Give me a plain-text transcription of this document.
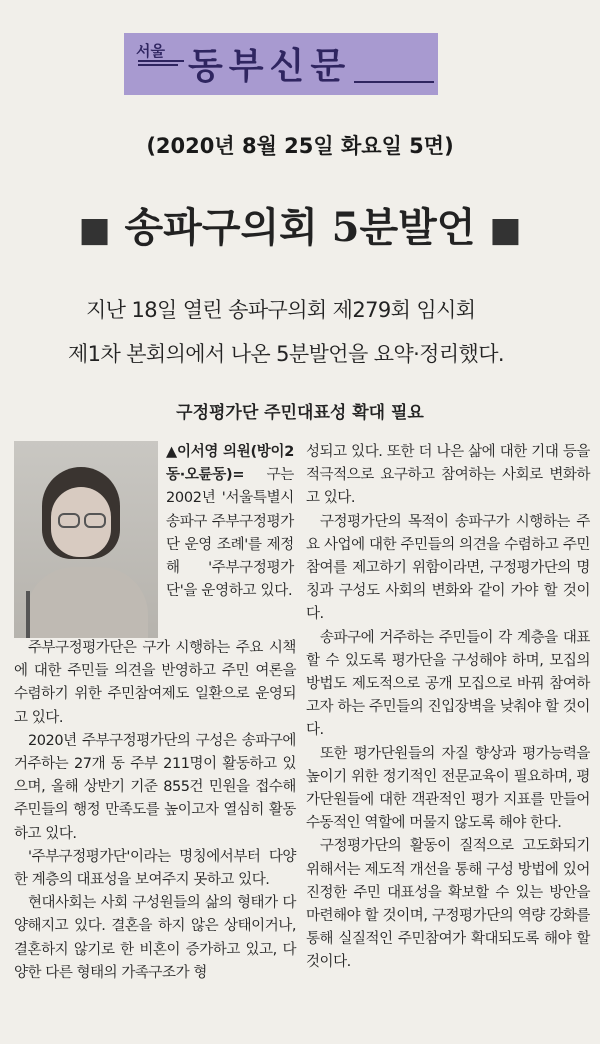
서울 동부신문
(2020년 8월 25일 화요일 5면)
■ 송파구의회 5분발언 ■
지난 18일 열린 송파구의회 제279회 임시회
제1차 본회의에서 나온 5분발언을 요약·정리했다.
구정평가단 주민대표성 확대 필요
▲이서영 의원(방이2동·오륜동)= 구는 2002년 '서울특별시 송파구 주부구정평가단 운영 조례'를 제정해 '주부구정평가단'을 운영하고 있다.

주부구정평가단은 구가 시행하는 주요 시책에 대한 주민들 의견을 반영하고 주민 여론을 수렴하기 위한 주민참여제도 일환으로 운영되고 있다.

2020년 주부구정평가단의 구성은 송파구에 거주하는 27개 동 주부 211명이 활동하고 있으며, 올해 상반기 기준 855건 민원을 접수해 주민들의 행정 만족도를 높이고자 열심히 활동하고 있다.

'주부구정평가단'이라는 명칭에서부터 다양한 계층의 대표성을 보여주지 못하고 있다.

현대사회는 사회 구성원들의 삶의 형태가 다양해지고 있다. 결혼을 하지 않은 상태이거나, 결혼하지 않기로 한 비혼이 증가하고 있고, 다양한 다른 형태의 가족구조가 형

성되고 있다. 또한 더 나은 삶에 대한 기대 등을 적극적으로 요구하고 참여하는 사회로 변화하고 있다.

구정평가단의 목적이 송파구가 시행하는 주요 사업에 대한 주민들의 의견을 수렴하고 주민 참여를 제고하기 위함이라면, 구정평가단의 명칭과 구성도 사회의 변화와 같이 가야 할 것이다.

송파구에 거주하는 주민들이 각 계층을 대표할 수 있도록 평가단을 구성해야 하며, 모집의 방법도 제도적으로 공개 모집으로 바꿔 참여하고자 하는 주민들의 진입장벽을 낮춰야 할 것이다.

또한 평가단원들의 자질 향상과 평가능력을 높이기 위한 정기적인 전문교육이 필요하며, 평가단원들에 대한 객관적인 평가 지표를 만들어 수동적인 역할에 머물지 않도록 해야 한다.

구정평가단의 활동이 질적으로 고도화되기 위해서는 제도적 개선을 통해 구성 방법에 있어 진정한 주민 대표성을 확보할 수 있는 방안을 마련해야 할 것이며, 구정평가단의 역량 강화를 통해 실질적인 주민참여가 확대되도록 해야 할 것이다.
